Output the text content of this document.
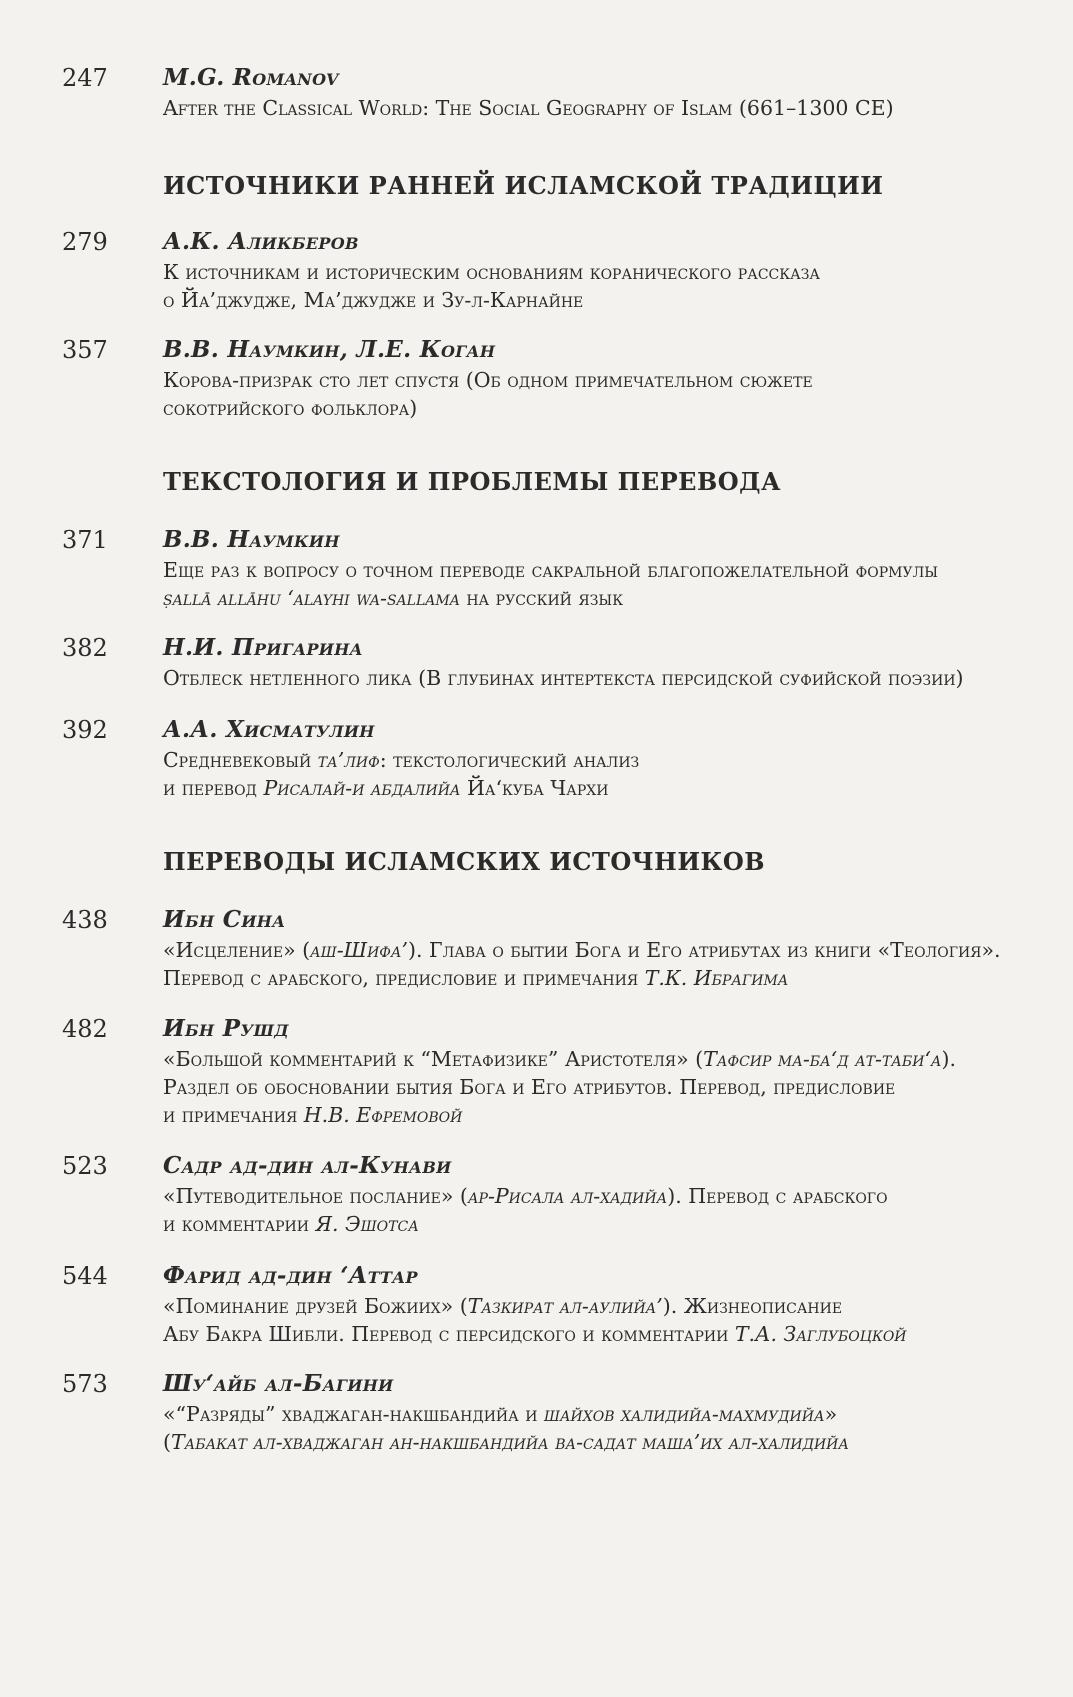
247 M.G. Romanov
After the Classical World: The Social Geography of Islam (661–1300 CE)
ИСТОЧНИКИ РАННЕЙ ИСЛАМСКОЙ ТРАДИЦИИ
279 А.К. Аликберов
К источникам и историческим основаниям коранического рассказа
о Йа’джудже, Ма’джудже и Зу-л-Карнайне
357 В.В. Наумкин, Л.Е. Коган
Корова-призрак сто лет спустя (Об одном примечательном сюжете
сокотрийского фольклора)
ТЕКСТОЛОГИЯ И ПРОБЛЕМЫ ПЕРЕВОДА
371 В.В. Наумкин
Еще раз к вопросу о точном переводе сакральной благопожелательной формулы
ṣallā allāhu ‘alayhi wa-sallama на русский язык
382 Н.И. Пригарина
Отблеск нетленного лика (В глубинах интертекста персидской суфийской поэзии)
392 А.А. Хисматулин
Средневековый та’лиф: текстологический анализ
и перевод Рисалай-и абдалийа Йа‘куба Чархи
ПЕРЕВОДЫ ИСЛАМСКИХ ИСТОЧНИКОВ
438 Ибн Сина
«Исцеление» (аш-Шифа’). Глава о бытии Бога и Его атрибутах из книги «Теология».
Перевод с арабского, предисловие и примечания Т.К. Ибрагима
482 Ибн Рушд
«Большой комментарий к “Метафизике” Аристотеля» (Тафсир ма-ба‘д ат-таби‘а).
Раздел об обосновании бытия Бога и Его атрибутов. Перевод, предисловие
и примечания Н.В. Ефремовой
523 Садр ад-дин ал-Кунави
«Путеводительное послание» (ар-Рисала ал-хадийа). Перевод с арабского
и комментарии Я. Эшотса
544 Фарид ад-дин ‘Аттар
«Поминание друзей Божиих» (Тазкират ал-аулийа’). Жизнеописание
Абу Бакра Шибли. Перевод с персидского и комментарии Т.А. Заглубоцкой
573 Шу‘айб ал-Багини
«“Разряды” хваджаган-накшбандийа и шайхов халидийа-махмудийа»
(Табакат ал-хваджаган ан-накшбандийа ва-садат маша’их ал-халидийа
